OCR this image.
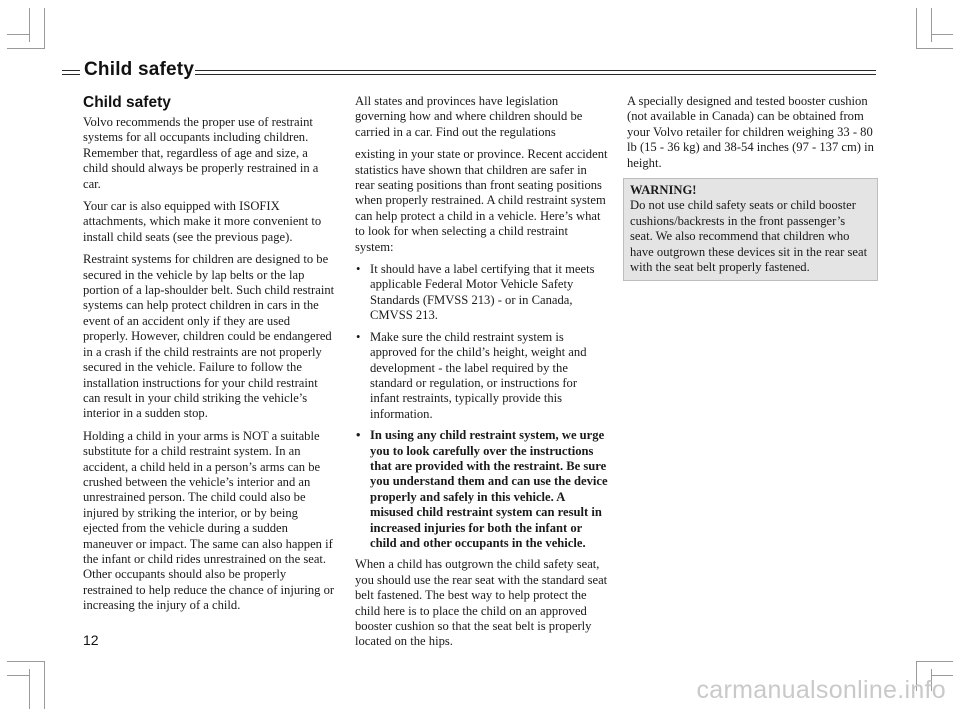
Child safety
Child safety

Volvo recommends the proper use of restraint systems for all occupants including children. Remember that, regardless of age and size, a child should always be properly restrained in a car.

Your car is also equipped with ISOFIX attachments, which make it more convenient to install child seats (see the previous page).

Restraint systems for children are designed to be secured in the vehicle by lap belts or the lap portion of a lap-shoulder belt. Such child restraint systems can help protect children in cars in the event of an accident only if they are used properly. However, children could be endangered in a crash if the child restraints are not properly secured in the vehicle. Failure to follow the installation instructions for your child restraint can result in your child striking the vehicle’s interior in a sudden stop.

Holding a child in your arms is NOT a suitable substitute for a child restraint system. In an accident, a child held in a person’s arms can be crushed between the vehicle’s interior and an unrestrained person. The child could also be injured by striking the interior, or by being ejected from the vehicle during a sudden maneuver or impact. The same can also happen if the infant or child rides unrestrained on the seat. Other occupants should also be properly restrained to help reduce the chance of injuring or increasing the injury of a child.

All states and provinces have legislation governing how and where children should be carried in a car. Find out the regulations

existing in your state or province. Recent accident statistics have shown that children are safer in rear seating positions than front seating positions when properly restrained. A child restraint system can help protect a child in a vehicle. Here’s what to look for when selecting a child restraint system:

• It should have a label certifying that it meets applicable Federal Motor Vehicle Safety Standards (FMVSS 213) - or in Canada, CMVSS 213.
• Make sure the child restraint system is approved for the child’s height, weight and development - the label required by the standard or regulation, or instructions for infant restraints, typically provide this information.
• In using any child restraint system, we urge you to look carefully over the instructions that are provided with the restraint. Be sure you understand them and can use the device properly and safely in this vehicle. A misused child restraint system can result in increased injuries for both the infant or child and other occupants in the vehicle.

When a child has outgrown the child safety seat, you should use the rear seat with the standard seat belt fastened. The best way to help protect the child here is to place the child on an approved booster cushion so that the seat belt is properly located on the hips.

A specially designed and tested booster cushion (not available in Canada) can be obtained from your Volvo retailer for children weighing 33 - 80 lb (15 - 36 kg) and 38-54 inches (97 - 137 cm) in height.

WARNING!
Do not use child safety seats or child booster cushions/backrests in the front passenger’s seat. We also recommend that children who have outgrown these devices sit in the rear seat with the seat belt properly fastened.
12
carmanualsonline.info
